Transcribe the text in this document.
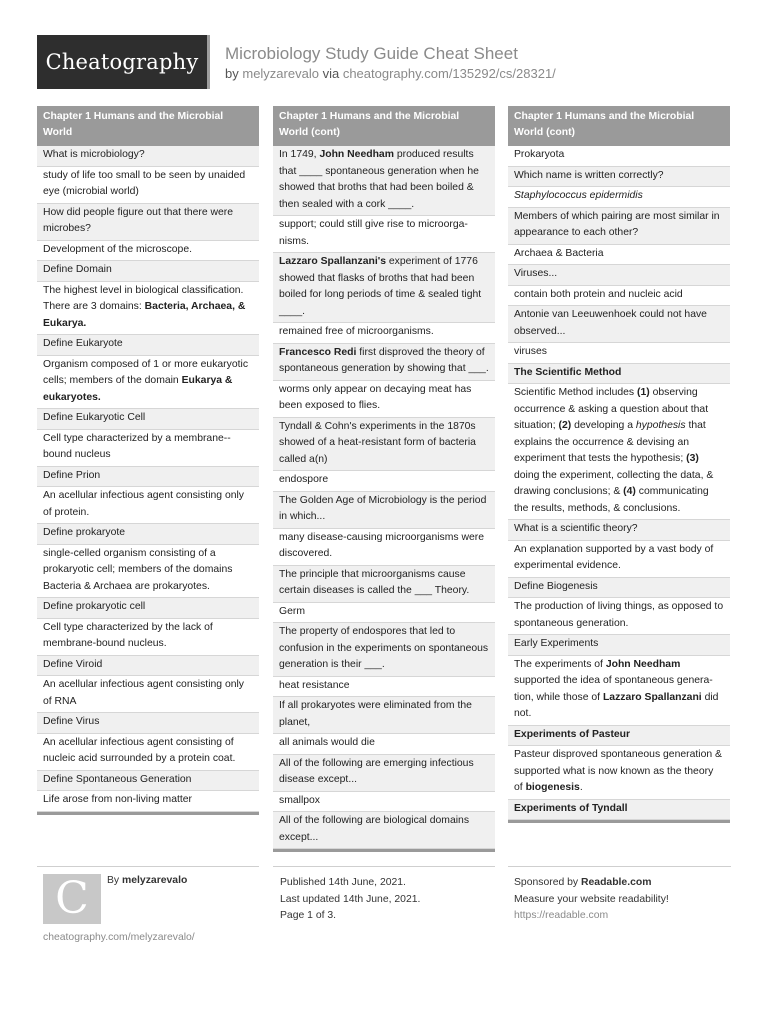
Cheatography Microbiology Study Guide Cheat Sheet
by melyzarevalo via cheatography.com/135292/cs/28321/
Chapter 1 Humans and the Microbial World
What is microbiology?
study of life too small to be seen by unaided eye (microbial world)
How did people figure out that there were microbes?
Development of the microscope.
Define Domain
The highest level in biological classification. There are 3 domains: Bacteria, Archaea, & Eukarya.
Define Eukaryote
Organism composed of 1 or more eukaryotic cells; members of the domain Eukarya & eukaryotes.
Define Eukaryotic Cell
Cell type characterized by a membrane--bound nucleus
Define Prion
An acellular infectious agent consisting only of protein.
Define prokaryote
single-celled organism consisting of a prokaryotic cell; members of the domains Bacteria & Archaea are prokaryotes.
Define prokaryotic cell
Cell type characterized by the lack of membrane-bound nucleus.
Define Viroid
An acellular infectious agent consisting only of RNA
Define Virus
An acellular infectious agent consisting of nucleic acid surrounded by a protein coat.
Define Spontaneous Generation
Life arose from non-living matter
Chapter 1 Humans and the Microbial World (cont)
In 1749, John Needham produced results that ____ spontaneous generation when he showed that broths that had been boiled & then sealed with a cork ____.
support; could still give rise to microorganisms.
Lazzaro Spallanzani's experiment of 1776 showed that flasks of broths that had been boiled for long periods of time & sealed tight ____.
remained free of microorganisms.
Francesco Redi first disproved the theory of spontaneous generation by showing that ___.
worms only appear on decaying meat has been exposed to flies.
Tyndall & Cohn's experiments in the 1870s showed of a heat-resistant form of bacteria called a(n)
endospore
The Golden Age of Microbiology is the period in which...
many disease-causing microorganisms were discovered.
The principle that microorganisms cause certain diseases is called the ___ Theory.
Germ
The property of endospores that led to confusion in the experiments on spontaneous generation is their ___.
heat resistance
If all prokaryotes were eliminated from the planet,
all animals would die
All of the following are emerging infectious disease except...
smallpox
All of the following are biological domains except...
Chapter 1 Humans and the Microbial World (cont)
Prokaryota
Which name is written correctly?
Staphylococcus epidermidis
Members of which pairing are most similar in appearance to each other?
Archaea & Bacteria
Viruses...
contain both protein and nucleic acid
Antonie van Leeuwenhoek could not have observed...
viruses
The Scientific Method
Scientific Method includes (1) observing occurrence & asking a question about that situation; (2) developing a hypothesis that explains the occurrence & devising an experiment that tests the hypothesis; (3) doing the experiment, collecting the data, & drawing conclusions; & (4) communicating the results, methods, & conclusions.
What is a scientific theory?
An explanation supported by a vast body of experimental evidence.
Define Biogenesis
The production of living things, as opposed to spontaneous generation.
Early Experiments
The experiments of John Needham supported the idea of spontaneous generation, while those of Lazzaro Spallanzani did not.
Experiments of Pasteur
Pasteur disproved spontaneous generation & supported what is now known as the theory of biogenesis.
Experiments of Tyndall
C By melyzarevalo
cheatography.com/melyzarevalo/
Published 14th June, 2021.
Last updated 14th June, 2021.
Page 1 of 3.
Sponsored by Readable.com
Measure your website readability!
https://readable.com
